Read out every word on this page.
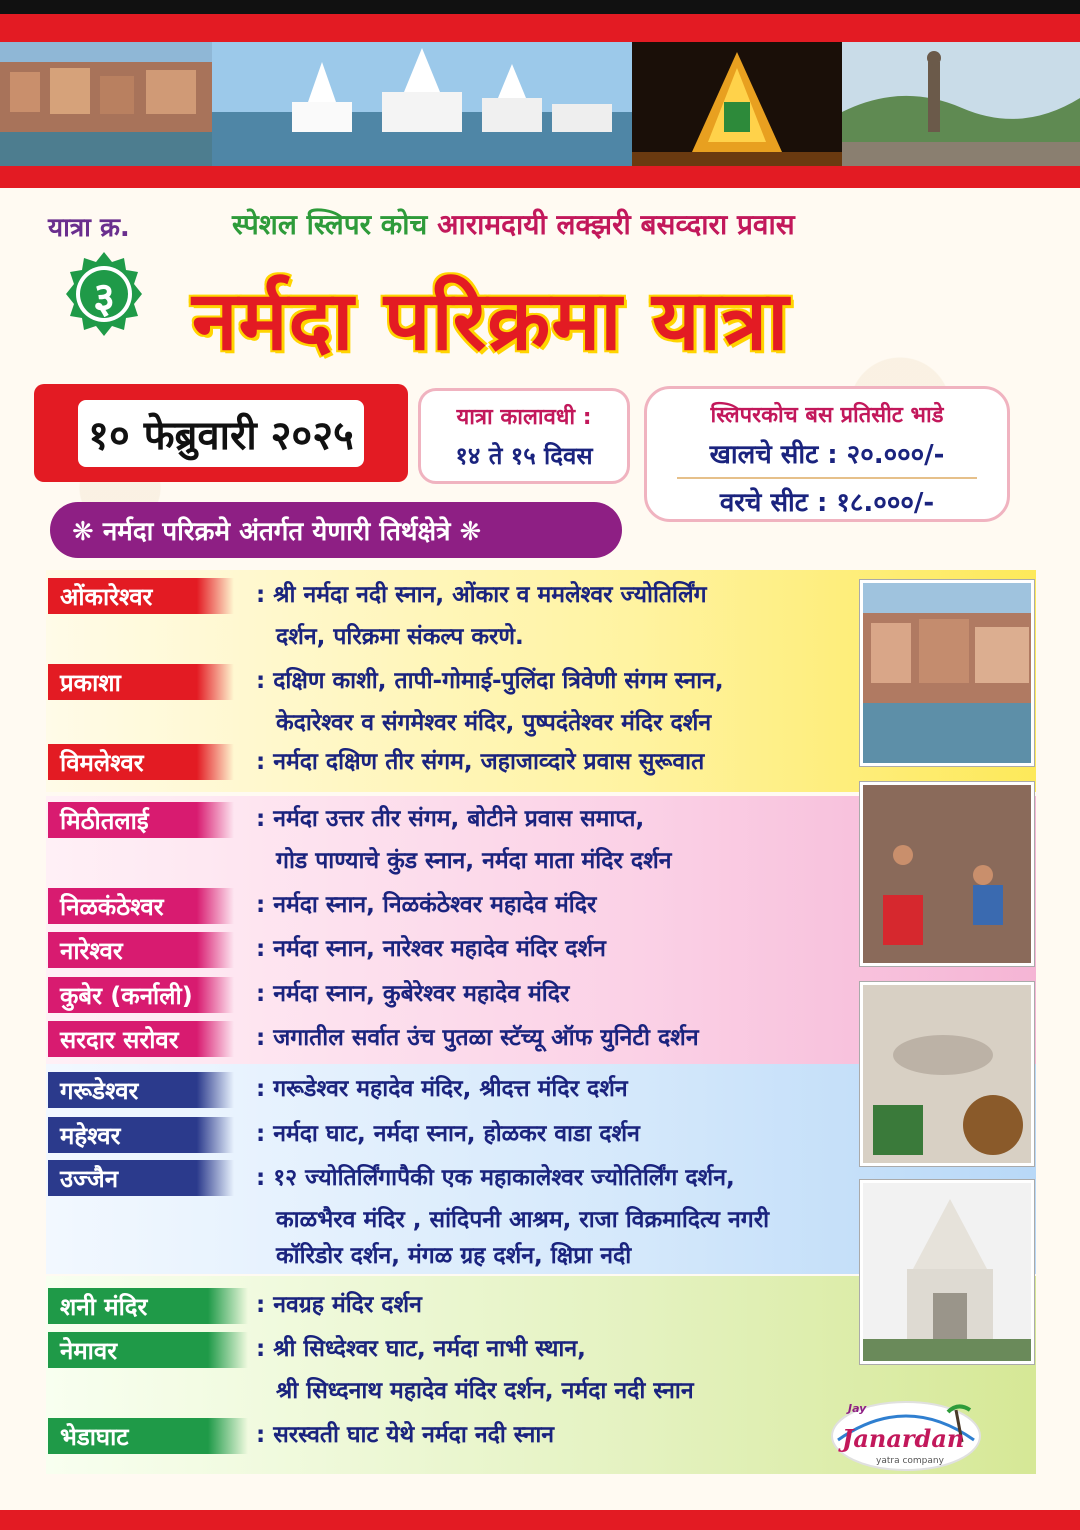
यात्रा क्र.	स्पेशल स्लिपर कोच आरामदायी लक्झरी बसव्दारा प्रवास
३ नर्मदा परिक्रमा यात्रा
१० फेब्रुवारी २०२५	यात्रा कालावधी :
१४ ते १५ दिवस
स्लिपरकोच बस प्रतिसीट भाडे
खालचे सीट : २०.०००/-
वरचे सीट : १८.०००/-
❋ नर्मदा परिक्रमे अंतर्गत येणारी तिर्थक्षेत्रे ❋
ओंकारेश्वर	: श्री नर्मदा नदी स्नान, ओंकार व ममलेश्वर ज्योतिर्लिंग
दर्शन, परिक्रमा संकल्प करणे.
प्रकाशा	: दक्षिण काशी, तापी-गोमाई-पुलिंदा त्रिवेणी संगम स्नान,
केदारेश्वर व संगमेश्वर मंदिर, पुष्पदंतेश्वर मंदिर दर्शन
विमलेश्वर	: नर्मदा दक्षिण तीर संगम, जहाजाव्दारे प्रवास सुरूवात
मिठीतलाई	: नर्मदा उत्तर तीर संगम, बोटीने प्रवास समाप्त,
गोड पाण्याचे कुंड स्नान, नर्मदा माता मंदिर दर्शन
निळकंठेश्वर	: नर्मदा स्नान, निळकंठेश्वर महादेव मंदिर
नारेश्वर	: नर्मदा स्नान, नारेश्वर महादेव मंदिर दर्शन
कुबेर (कर्नाली)	: नर्मदा स्नान, कुबेरेश्वर महादेव मंदिर
सरदार सरोवर	: जगातील सर्वात उंच पुतळा स्टॅच्यू ऑफ युनिटी दर्शन
गरूडेश्वर	: गरूडेश्वर महादेव मंदिर, श्रीदत्त मंदिर दर्शन
महेश्वर	: नर्मदा घाट, नर्मदा स्नान, होळकर वाडा दर्शन
उज्जैन	: १२ ज्योतिर्लिंगापैकी एक महाकालेश्वर ज्योतिर्लिंग दर्शन,
काळभैरव मंदिर , सांदिपनी आश्रम, राजा विक्रमादित्य नगरी
कॉरिडोर दर्शन, मंगळ ग्रह दर्शन, क्षिप्रा नदी
शनी मंदिर	: नवग्रह मंदिर दर्शन
नेमावर	: श्री सिध्देश्वर घाट, नर्मदा नाभी स्थान,
श्री सिध्दनाथ महादेव मंदिर दर्शन, नर्मदा नदी स्नान
भेडाघाट	: सरस्वती घाट येथे नर्मदा नदी स्नान
Jay
Janardan
yatra company
